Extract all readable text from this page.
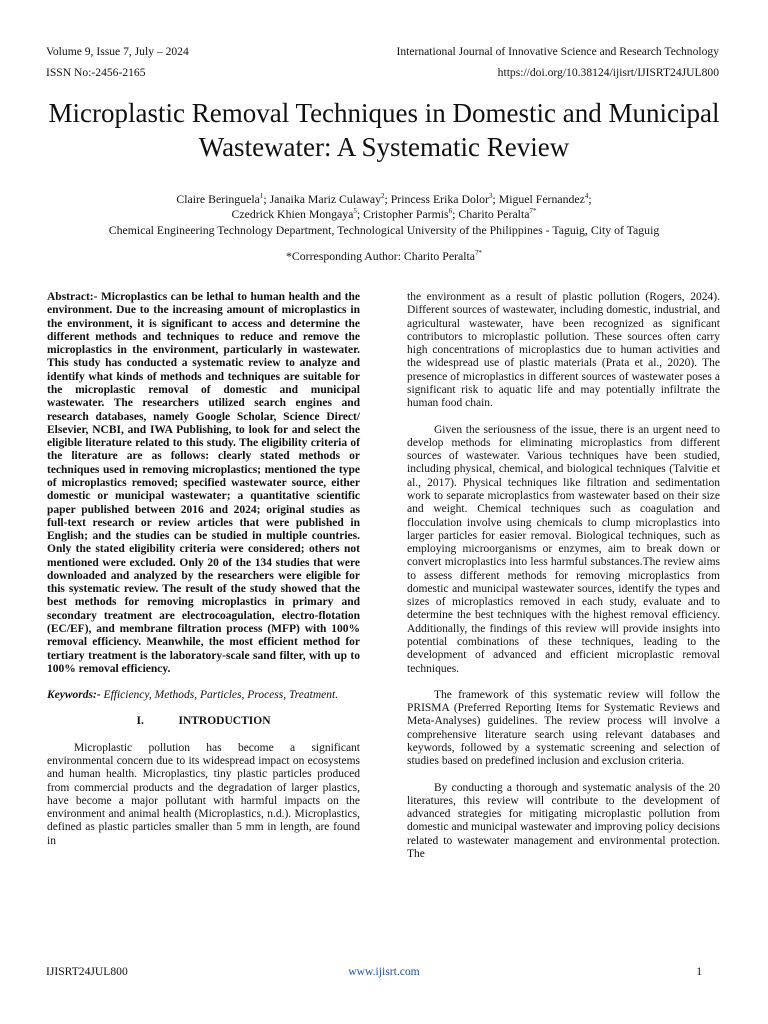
Volume 9, Issue 7, July – 2024	International Journal of Innovative Science and Research Technology
ISSN No:-2456-2165	https://doi.org/10.38124/ijisrt/IJISRT24JUL800
Microplastic Removal Techniques in Domestic and Municipal Wastewater: A Systematic Review
Claire Beringuela$^1$; Janaika Mariz Culaway$^2$; Princess Erika Dolor$^3$; Miguel Fernandez$^4$;
Czedrick Khien Mongaya$^5$; Cristopher Parmis$^6$; Charito Peralta$^{7*}$
Chemical Engineering Technology Department, Technological University of the Philippines - Taguig, City of Taguig
*Corresponding Author: Charito Peralta$^{7*}$

Abstract:- Microplastics can be lethal to human health and the environment. Due to the increasing amount of microplastics in the environment, it is significant to access and determine the different methods and techniques to reduce and remove the microplastics in the environment, particularly in wastewater. This study has conducted a systematic review to analyze and identify what kinds of methods and techniques are suitable for the microplastic removal of domestic and municipal wastewater. The researchers utilized search engines and research databases, namely Google Scholar, Science Direct/ Elsevier, NCBI, and IWA Publishing, to look for and select the eligible literature related to this study. The eligibility criteria of the literature are as follows: clearly stated methods or techniques used in removing microplastics; mentioned the type of microplastics removed; specified wastewater source, either domestic or municipal wastewater; a quantitative scientific paper published between 2016 and 2024; original studies as full-text research or review articles that were published in English; and the studies can be studied in multiple countries. Only the stated eligibility criteria were considered; others not mentioned were excluded. Only 20 of the 134 studies that were downloaded and analyzed by the researchers were eligible for this systematic review. The result of the study showed that the best methods for removing microplastics in primary and secondary treatment are electrocoagulation, electro-flotation (EC/EF), and membrane filtration process (MFP) with 100% removal efficiency. Meanwhile, the most efficient method for tertiary treatment is the laboratory-scale sand filter, with up to 100% removal efficiency.

Keywords:- Efficiency, Methods, Particles, Process, Treatment.

I.	INTRODUCTION

Microplastic pollution has become a significant environmental concern due to its widespread impact on ecosystems and human health. Microplastics, tiny plastic particles produced from commercial products and the degradation of larger plastics, have become a major pollutant with harmful impacts on the environment and animal health (Microplastics, n.d.). Microplastics, defined as plastic particles smaller than 5 mm in length, are found in

the environment as a result of plastic pollution (Rogers, 2024). Different sources of wastewater, including domestic, industrial, and agricultural wastewater, have been recognized as significant contributors to microplastic pollution. These sources often carry high concentrations of microplastics due to human activities and the widespread use of plastic materials (Prata et al., 2020). The presence of microplastics in different sources of wastewater poses a significant risk to aquatic life and may potentially infiltrate the human food chain.

Given the seriousness of the issue, there is an urgent need to develop methods for eliminating microplastics from different sources of wastewater. Various techniques have been studied, including physical, chemical, and biological techniques (Talvitie et al., 2017). Physical techniques like filtration and sedimentation work to separate microplastics from wastewater based on their size and weight. Chemical techniques such as coagulation and flocculation involve using chemicals to clump microplastics into larger particles for easier removal. Biological techniques, such as employing microorganisms or enzymes, aim to break down or convert microplastics into less harmful substances.The review aims to assess different methods for removing microplastics from domestic and municipal wastewater sources, identify the types and sizes of microplastics removed in each study, evaluate and to determine the best techniques with the highest removal efficiency. Additionally, the findings of this review will provide insights into potential combinations of these techniques, leading to the development of advanced and efficient microplastic removal techniques.

The framework of this systematic review will follow the PRISMA (Preferred Reporting Items for Systematic Reviews and Meta-Analyses) guidelines. The review process will involve a comprehensive literature search using relevant databases and keywords, followed by a systematic screening and selection of studies based on predefined inclusion and exclusion criteria.

By conducting a thorough and systematic analysis of the 20 literatures, this review will contribute to the development of advanced strategies for mitigating microplastic pollution from domestic and municipal wastewater and improving policy decisions related to wastewater management and environmental protection. The

IJISRT24JUL800	www.ijisrt.com	1
